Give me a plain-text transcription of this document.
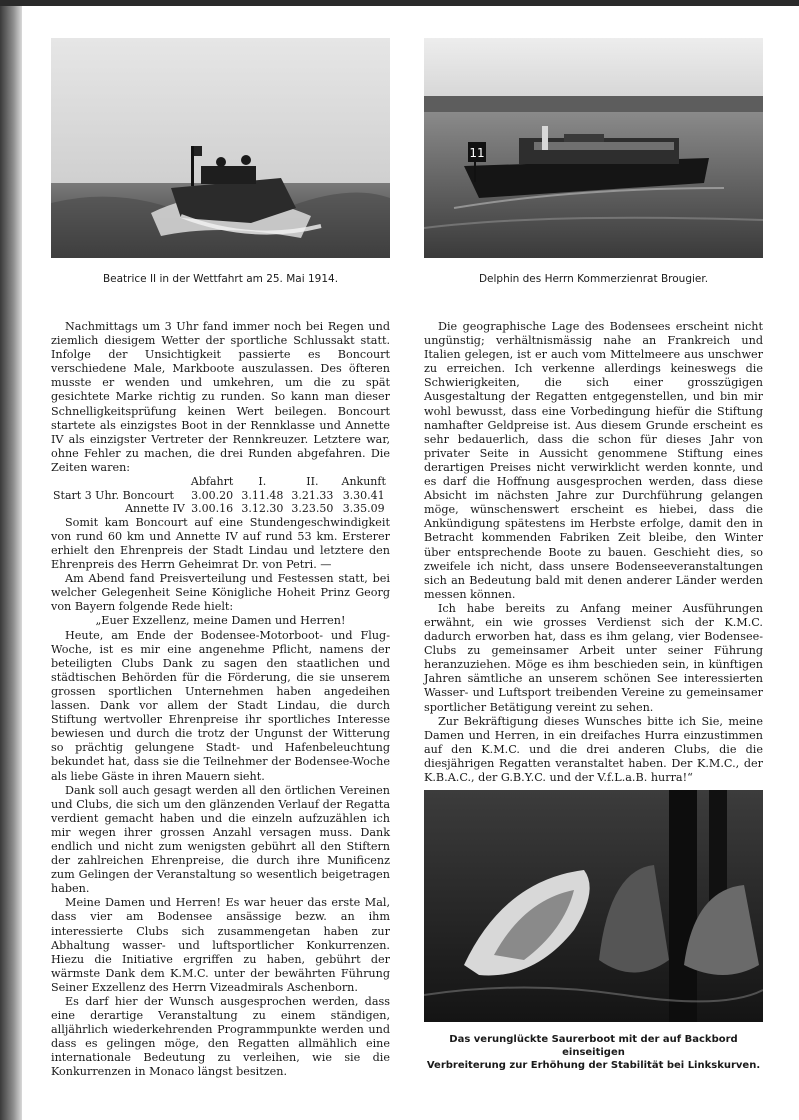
Beatrice II in der Wettfahrt am 25. Mai 1914.
11
Delphin des Herrn Kommerzienrat Brougier.

Nachmittags um 3 Uhr fand immer noch bei Regen und ziemlich diesigem Wetter der sportliche Schlussakt statt. Infolge der Unsichtigkeit passierte es Boncourt verschiedene Male, Markboote auszulassen. Des öfteren musste er wenden und umkehren, um die zu spät gesichtete Marke richtig zu runden. So kann man dieser Schnelligkeitsprüfung keinen Wert beilegen. Boncourt startete als einzigstes Boot in der Rennklasse und Annette IV als einzigster Vertreter der Rennkreuzer. Letztere war, ohne Fehler zu machen, die drei Runden abgefahren. Die Zeiten waren:

	Abfahrt	I.	II.	Ankunft
Start 3 Uhr. Boncourt	3.00.20	3.11.48	3.21.33	3.30.41
Annette IV	3.00.16	3.12.30	3.23.50	3.35.09

Somit kam Boncourt auf eine Stundengeschwindigkeit von rund 60 km und Annette IV auf rund 53 km. Ersterer erhielt den Ehrenpreis der Stadt Lindau und letztere den Ehrenpreis des Herrn Geheimrat Dr. von Petri. —

Am Abend fand Preisverteilung und Festessen statt, bei welcher Gelegenheit Seine Königliche Hoheit Prinz Georg von Bayern folgende Rede hielt:

„Euer Exzellenz, meine Damen und Herren!

Heute, am Ende der Bodensee-Motorboot- und Flug-Woche, ist es mir eine angenehme Pflicht, namens der beteiligten Clubs Dank zu sagen den staatlichen und städtischen Behörden für die Förderung, die sie unserem grossen sportlichen Unternehmen haben angedeihen lassen. Dank vor allem der Stadt Lindau, die durch Stiftung wertvoller Ehrenpreise ihr sportliches Interesse bewiesen und durch die trotz der Ungunst der Witterung so prächtig gelungene Stadt- und Hafenbeleuchtung bekundet hat, dass sie die Teilnehmer der Bodensee-Woche als liebe Gäste in ihren Mauern sieht.

Dank soll auch gesagt werden all den örtlichen Vereinen und Clubs, die sich um den glänzenden Verlauf der Regatta verdient gemacht haben und die einzeln aufzuzählen ich mir wegen ihrer grossen Anzahl versagen muss. Dank endlich und nicht zum wenigsten gebührt all den Stiftern der zahlreichen Ehrenpreise, die durch ihre Munificenz zum Gelingen der Veranstaltung so wesentlich beigetragen haben.

Meine Damen und Herren! Es war heuer das erste Mal, dass vier am Bodensee ansässige bezw. an ihm interessierte Clubs sich zusammengetan haben zur Abhaltung wasser- und luftsportlicher Konkurrenzen. Hiezu die Initiative ergriffen zu haben, gebührt der wärmste Dank dem K.M.C. unter der bewährten Führung Seiner Exzellenz des Herrn Vizeadmirals Aschenborn.

Es darf hier der Wunsch ausgesprochen werden, dass eine derartige Veranstaltung zu einem ständigen, alljährlich wiederkehrenden Programmpunkte werden und dass es gelingen möge, den Regatten allmählich eine internationale Bedeutung zu verleihen, wie sie die Konkurrenzen in Monaco längst besitzen.

Die geographische Lage des Bodensees erscheint nicht ungünstig; verhältnismässig nahe an Frankreich und Italien gelegen, ist er auch vom Mittelmeere aus unschwer zu erreichen. Ich verkenne allerdings keineswegs die Schwierigkeiten, die sich einer grosszügigen Ausgestaltung der Regatten entgegenstellen, und bin mir wohl bewusst, dass eine Vorbedingung hiefür die Stiftung namhafter Geldpreise ist. Aus diesem Grunde erscheint es sehr bedauerlich, dass die schon für dieses Jahr von privater Seite in Aussicht genommene Stiftung eines derartigen Preises nicht verwirklicht werden konnte, und es darf die Hoffnung ausgesprochen werden, dass diese Absicht im nächsten Jahre zur Durchführung gelangen möge, wünschenswert erscheint es hiebei, dass die Ankündigung spätestens im Herbste erfolge, damit den in Betracht kommenden Fabriken Zeit bleibe, den Winter über entsprechende Boote zu bauen. Geschieht dies, so zweifele ich nicht, dass unsere Bodenseeveranstaltungen sich an Bedeutung bald mit denen anderer Länder werden messen können.

Ich habe bereits zu Anfang meiner Ausführungen erwähnt, ein wie grosses Verdienst sich der K.M.C. dadurch erworben hat, dass es ihm gelang, vier Bodensee-Clubs zu gemeinsamer Arbeit unter seiner Führung heranzuziehen. Möge es ihm beschieden sein, in künftigen Jahren sämtliche an unserem schönen See interessierten Wasser- und Luftsport treibenden Vereine zu gemeinsamer sportlicher Betätigung vereint zu sehen.

Zur Bekräftigung dieses Wunsches bitte ich Sie, meine Damen und Herren, in ein dreifaches Hurra einzustimmen auf den K.M.C. und die drei anderen Clubs, die die diesjährigen Regatten veranstaltet haben. Der K.M.C., der K.B.A.C., der G.B.Y.C. und der V.f.L.a.B. hurra!“

Das verunglückte Saurerboot mit der auf Backbord einseitigen
Verbreiterung zur Erhöhung der Stabilität bei Linkskurven.
